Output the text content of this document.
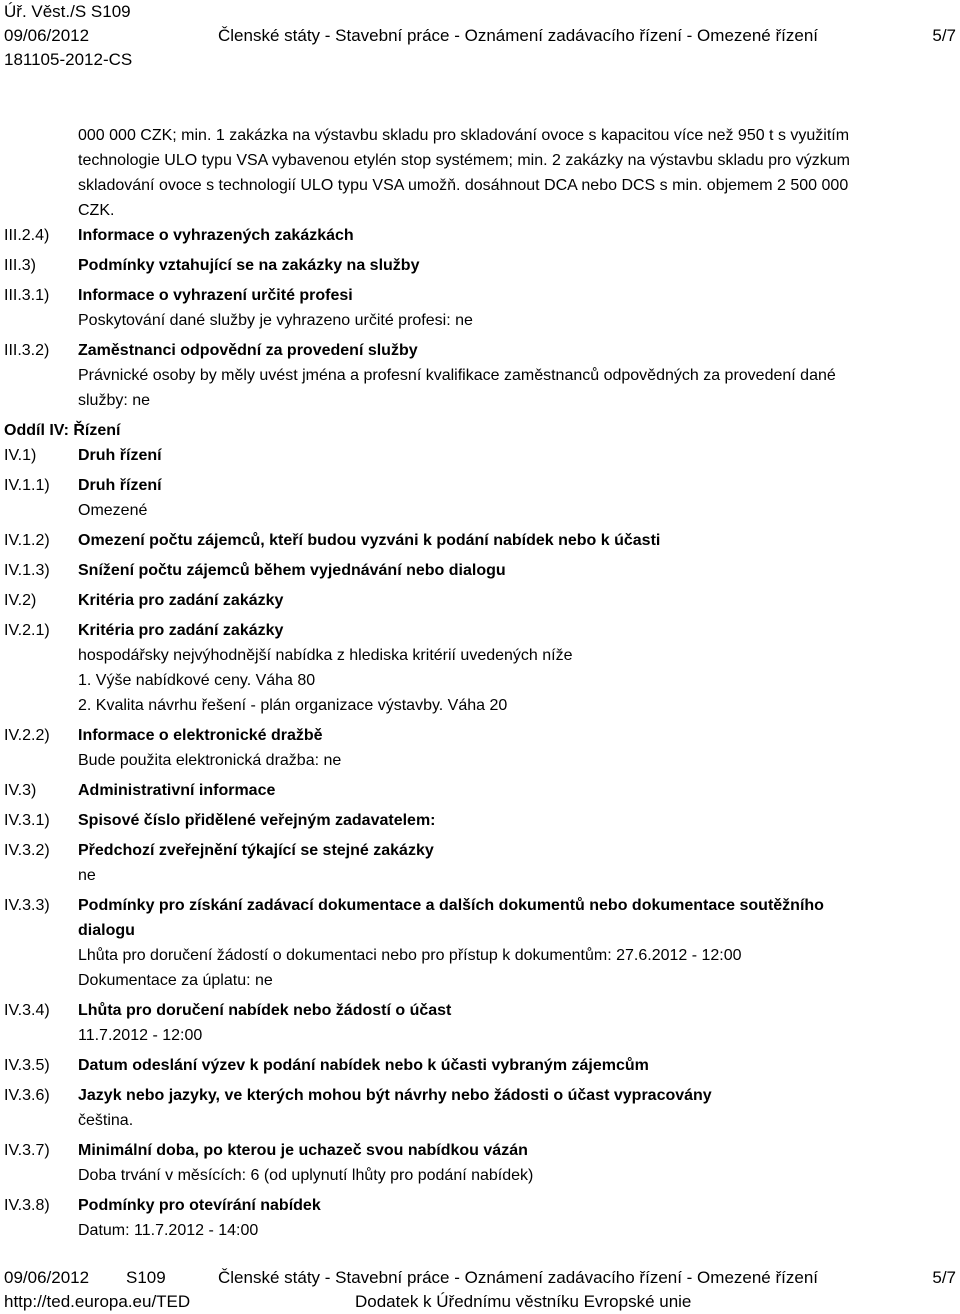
Úř. Věst./S S109
09/06/2012	Členské státy - Stavební práce - Oznámení zadávacího řízení - Omezené řízení	5/7
181105-2012-CS
000 000 CZK; min. 1 zakázka na výstavbu skladu pro skladování ovoce s kapacitou více než 950 t s využitím
technologie ULO typu VSA vybavenou etylén stop systémem; min. 2 zakázky na výstavbu skladu pro výzkum
skladování ovoce s technologií ULO typu VSA umožň. dosáhnout DCA nebo DCS s min. objemem 2 500 000
CZK.
III.2.4)	Informace o vyhrazených zakázkách
III.3)	Podmínky vztahující se na zakázky na služby
III.3.1)	Informace o vyhrazení určité profesi
Poskytování dané služby je vyhrazeno určité profesi: ne
III.3.2)	Zaměstnanci odpovědní za provedení služby
Právnické osoby by měly uvést jména a profesní kvalifikace zaměstnanců odpovědných za provedení dané
služby: ne
Oddíl IV: Řízení
IV.1)	Druh řízení
IV.1.1)	Druh řízení
Omezené
IV.1.2)	Omezení počtu zájemců, kteří budou vyzváni k podání nabídek nebo k účasti
IV.1.3)	Snížení počtu zájemců během vyjednávání nebo dialogu
IV.2)	Kritéria pro zadání zakázky
IV.2.1)	Kritéria pro zadání zakázky
hospodářsky nejvýhodnější nabídka z hlediska kritérií uvedených níže
1. Výše nabídkové ceny. Váha 80
2. Kvalita návrhu řešení - plán organizace výstavby. Váha 20
IV.2.2)	Informace o elektronické dražbě
Bude použita elektronická dražba: ne
IV.3)	Administrativní informace
IV.3.1)	Spisové číslo přidělené veřejným zadavatelem:
IV.3.2)	Předchozí zveřejnění týkající se stejné zakázky
ne
IV.3.3)	Podmínky pro získání zadávací dokumentace a dalších dokumentů nebo dokumentace soutěžního
dialogu
Lhůta pro doručení žádostí o dokumentaci nebo pro přístup k dokumentům: 27.6.2012 - 12:00
Dokumentace za úplatu: ne
IV.3.4)	Lhůta pro doručení nabídek nebo žádostí o účast
11.7.2012 - 12:00
IV.3.5)	Datum odeslání výzev k podání nabídek nebo k účasti vybraným zájemcům
IV.3.6)	Jazyk nebo jazyky, ve kterých mohou být návrhy nebo žádosti o účast vypracovány
čeština.
IV.3.7)	Minimální doba, po kterou je uchazeč svou nabídkou vázán
Doba trvání v měsících: 6 (od uplynutí lhůty pro podání nabídek)
IV.3.8)	Podmínky pro otevírání nabídek
Datum: 11.7.2012 - 14:00
09/06/2012 S109	Členské státy - Stavební práce - Oznámení zadávacího řízení - Omezené řízení	5/7
http://ted.europa.eu/TED	Dodatek k Úřednímu věstníku Evropské unie
